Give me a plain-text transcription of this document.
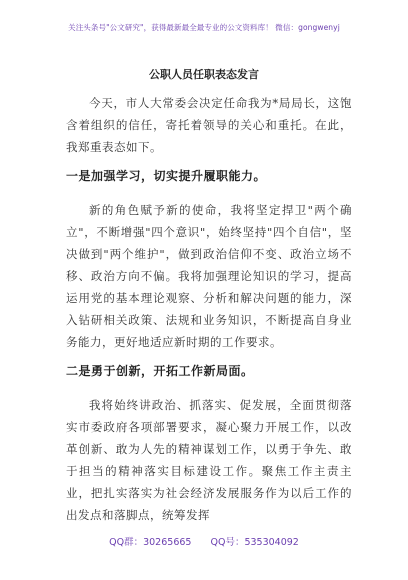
关注头条号"公文研究"，获得最新最全最专业的公文资料库！ 微信：gongwenyj
公职人员任职表态发言

今天，市人大常委会决定任命我为*局局长，这饱含着组织的信任，寄托着领导的关心和重托。在此，我郑重表态如下。

一是加强学习，切实提升履职能力。

新的角色赋予新的使命，我将坚定捍卫"两个确立"，不断增强"四个意识"，始终坚持"四个自信"，坚决做到"两个维护"，做到政治信仰不变、政治立场不移、政治方向不偏。我将加强理论知识的学习，提高运用党的基本理论观察、分析和解决问题的能力，深入钻研相关政策、法规和业务知识，不断提高自身业务能力，更好地适应新时期的工作要求。

二是勇于创新，开拓工作新局面。

我将始终讲政治、抓落实、促发展，全面贯彻落实市委政府各项部署要求，凝心聚力开展工作，以改革创新、敢为人先的精神谋划工作，以勇于争先、敢于担当的精神落实目标建设工作。聚焦工作主责主业，把扎实落实为社会经济发展服务作为以后工作的出发点和落脚点，统筹发挥

QQ群：30265665 QQ号：535304092
